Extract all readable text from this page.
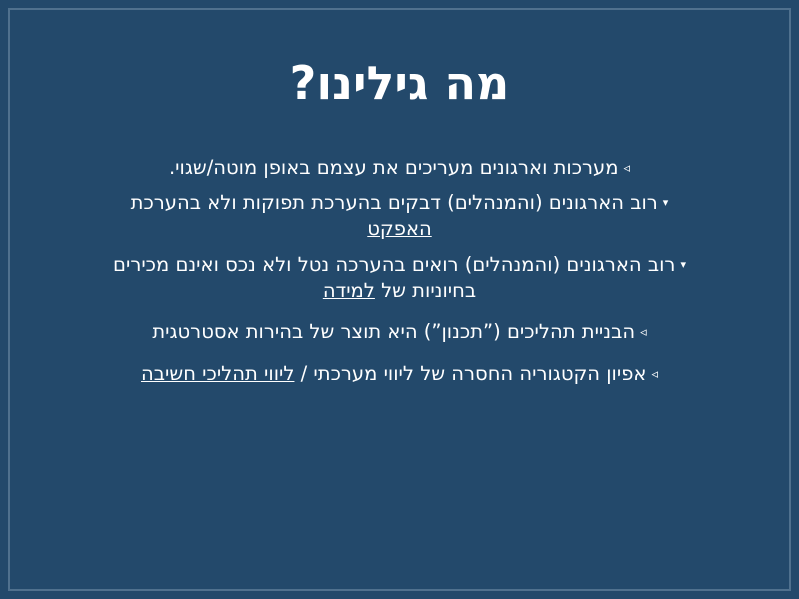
מה גילינו?
◃מערכות וארגונים מעריכים את עצמם באופן מוטה/שגוי.
▾רוב הארגונים (והמנהלים) דבקים בהערכת תפוקות ולא בהערכת האפקט
▾רוב הארגונים (והמנהלים) רואים בהערכה נטל ולא נכס ואינם מכירים בחיוניות של למידה
◃הבניית תהליכים (”תכנון”) היא תוצר של בהירות אסטרטגית
◃אפיון הקטגוריה החסרה של ליווי מערכתי / ליווי תהליכי חשיבה
